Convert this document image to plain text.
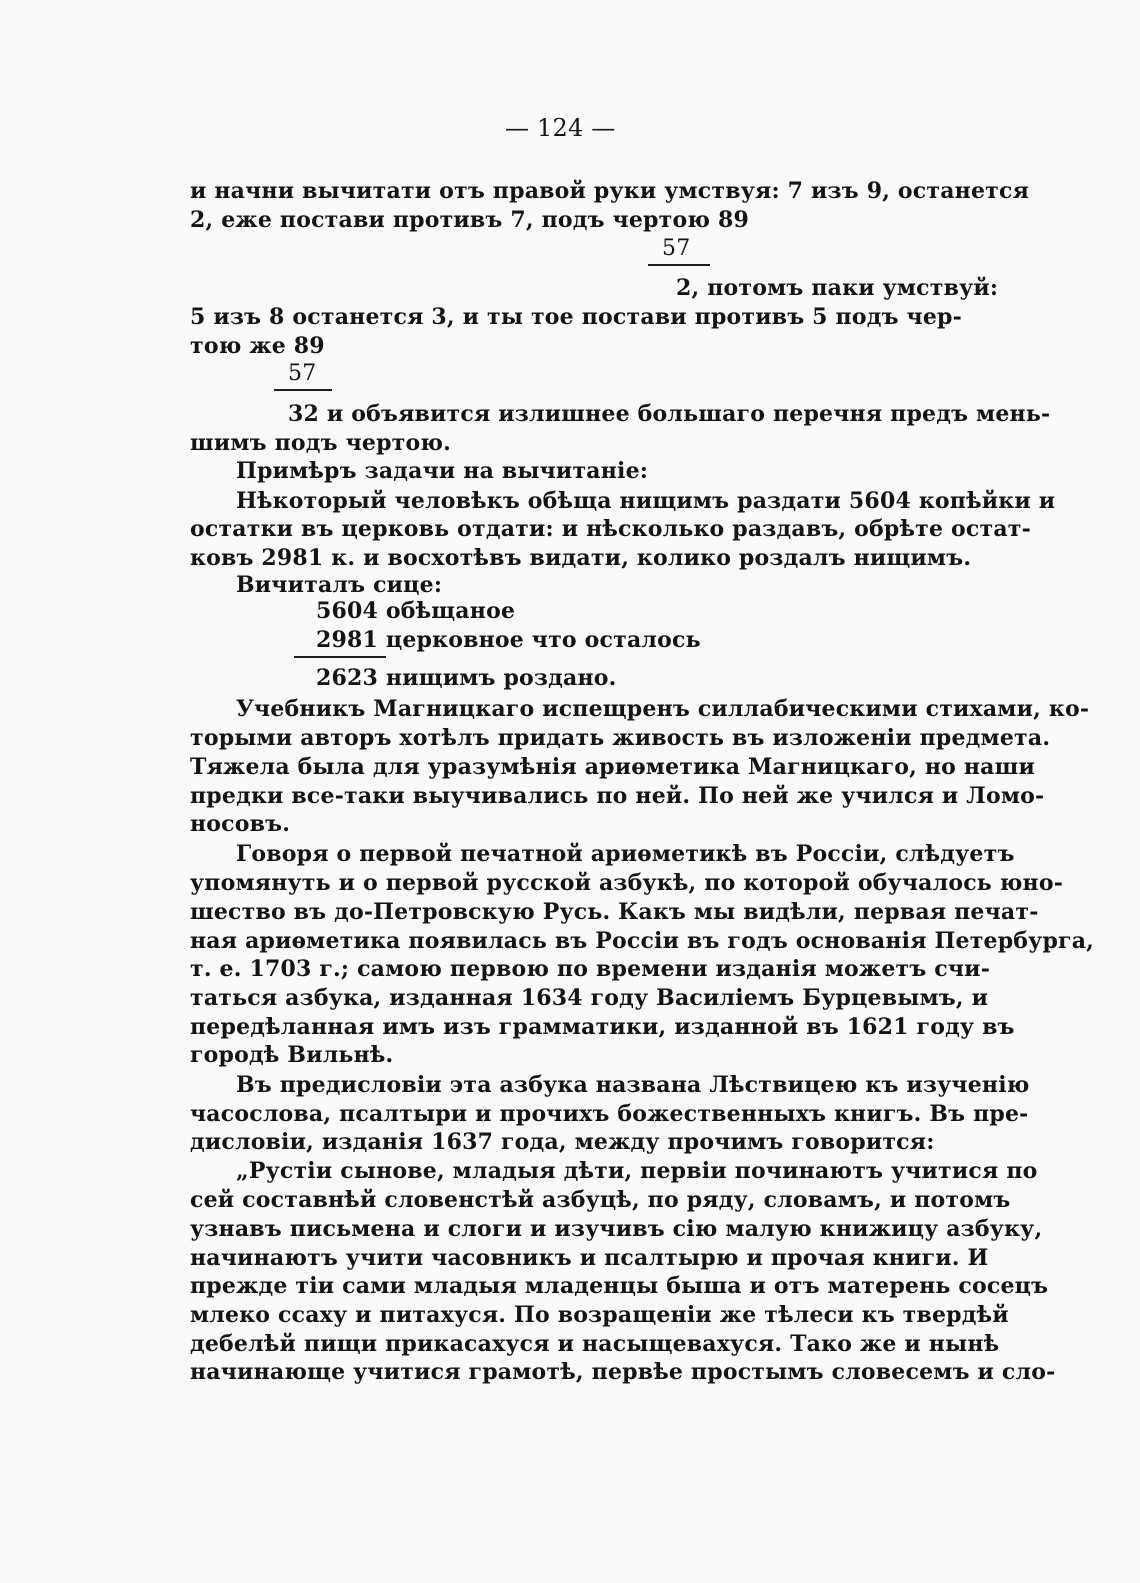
— 124 —
и начни вычитати отъ правой руки умствуя: 7 изъ 9, останется
2, еже постави противъ 7, подъ чертою 89
57
2, потомъ паки умствуй:
5 изъ 8 останется 3, и ты тое постави противъ 5 подъ чер-
тою же 89
57
32 и объявится излишнее большаго перечня предъ мень-
шимъ подъ чертою.
Примѣръ задачи на вычитаніе:
Нѣкоторый человѣкъ обѣща нищимъ раздати 5604 копѣйки и
остатки въ церковь отдати: и нѣсколько раздавъ, обрѣте остат-
ковъ 2981 к. и восхотѣвъ видати, колико роздалъ нищимъ.
Вичиталъ сице:
5604 обѣщаное
2981 церковное что осталось
2623 нищимъ роздано.
Учебникъ Магницкаго испещренъ силлабическими стихами, ко-
торыми авторъ хотѣлъ придать живость въ изложеніи предмета.
Тяжела была для уразумѣнія ариѳметика Магницкаго, но наши
предки все-таки выучивались по ней. По ней же учился и Ломо-
носовъ.
Говоря о первой печатной ариѳметикѣ въ Россіи, слѣдуетъ
упомянуть и о первой русской азбукѣ, по которой обучалось юно-
шество въ до-Петровскую Русь. Какъ мы видѣли, первая печат-
ная ариѳметика появилась въ Россіи въ годъ основанія Петербурга,
т. е. 1703 г.; самою первою по времени изданія можетъ счи-
таться азбука, изданная 1634 году Василіемъ Бурцевымъ, и
передѣланная имъ изъ грамматики, изданной въ 1621 году въ
городѣ Вильнѣ.
Въ предисловіи эта азбука названа Лѣствицею къ изученію
часослова, псалтыри и прочихъ божественныхъ книгъ. Въ пре-
дисловіи, изданія 1637 года, между прочимъ говорится:
„Рустіи сынове, младыя дѣти, первіи починаютъ учитися по
сей составнѣй словенстѣй азбуцѣ, по ряду, словамъ, и потомъ
узнавъ письмена и слоги и изучивъ сію малую книжицу азбуку,
начинаютъ учити часовникъ и псалтырю и прочая книги. И
прежде тіи сами младыя младенцы быша и отъ матерень сосецъ
млеко ссаху и питахуся. По возращеніи же тѣлеси къ твердѣй
дебелѣй пищи прикасахуся и насыщевахуся. Тако же и нынѣ
начинающе учитися грамотѣ, первѣе простымъ словесемъ и сло-
